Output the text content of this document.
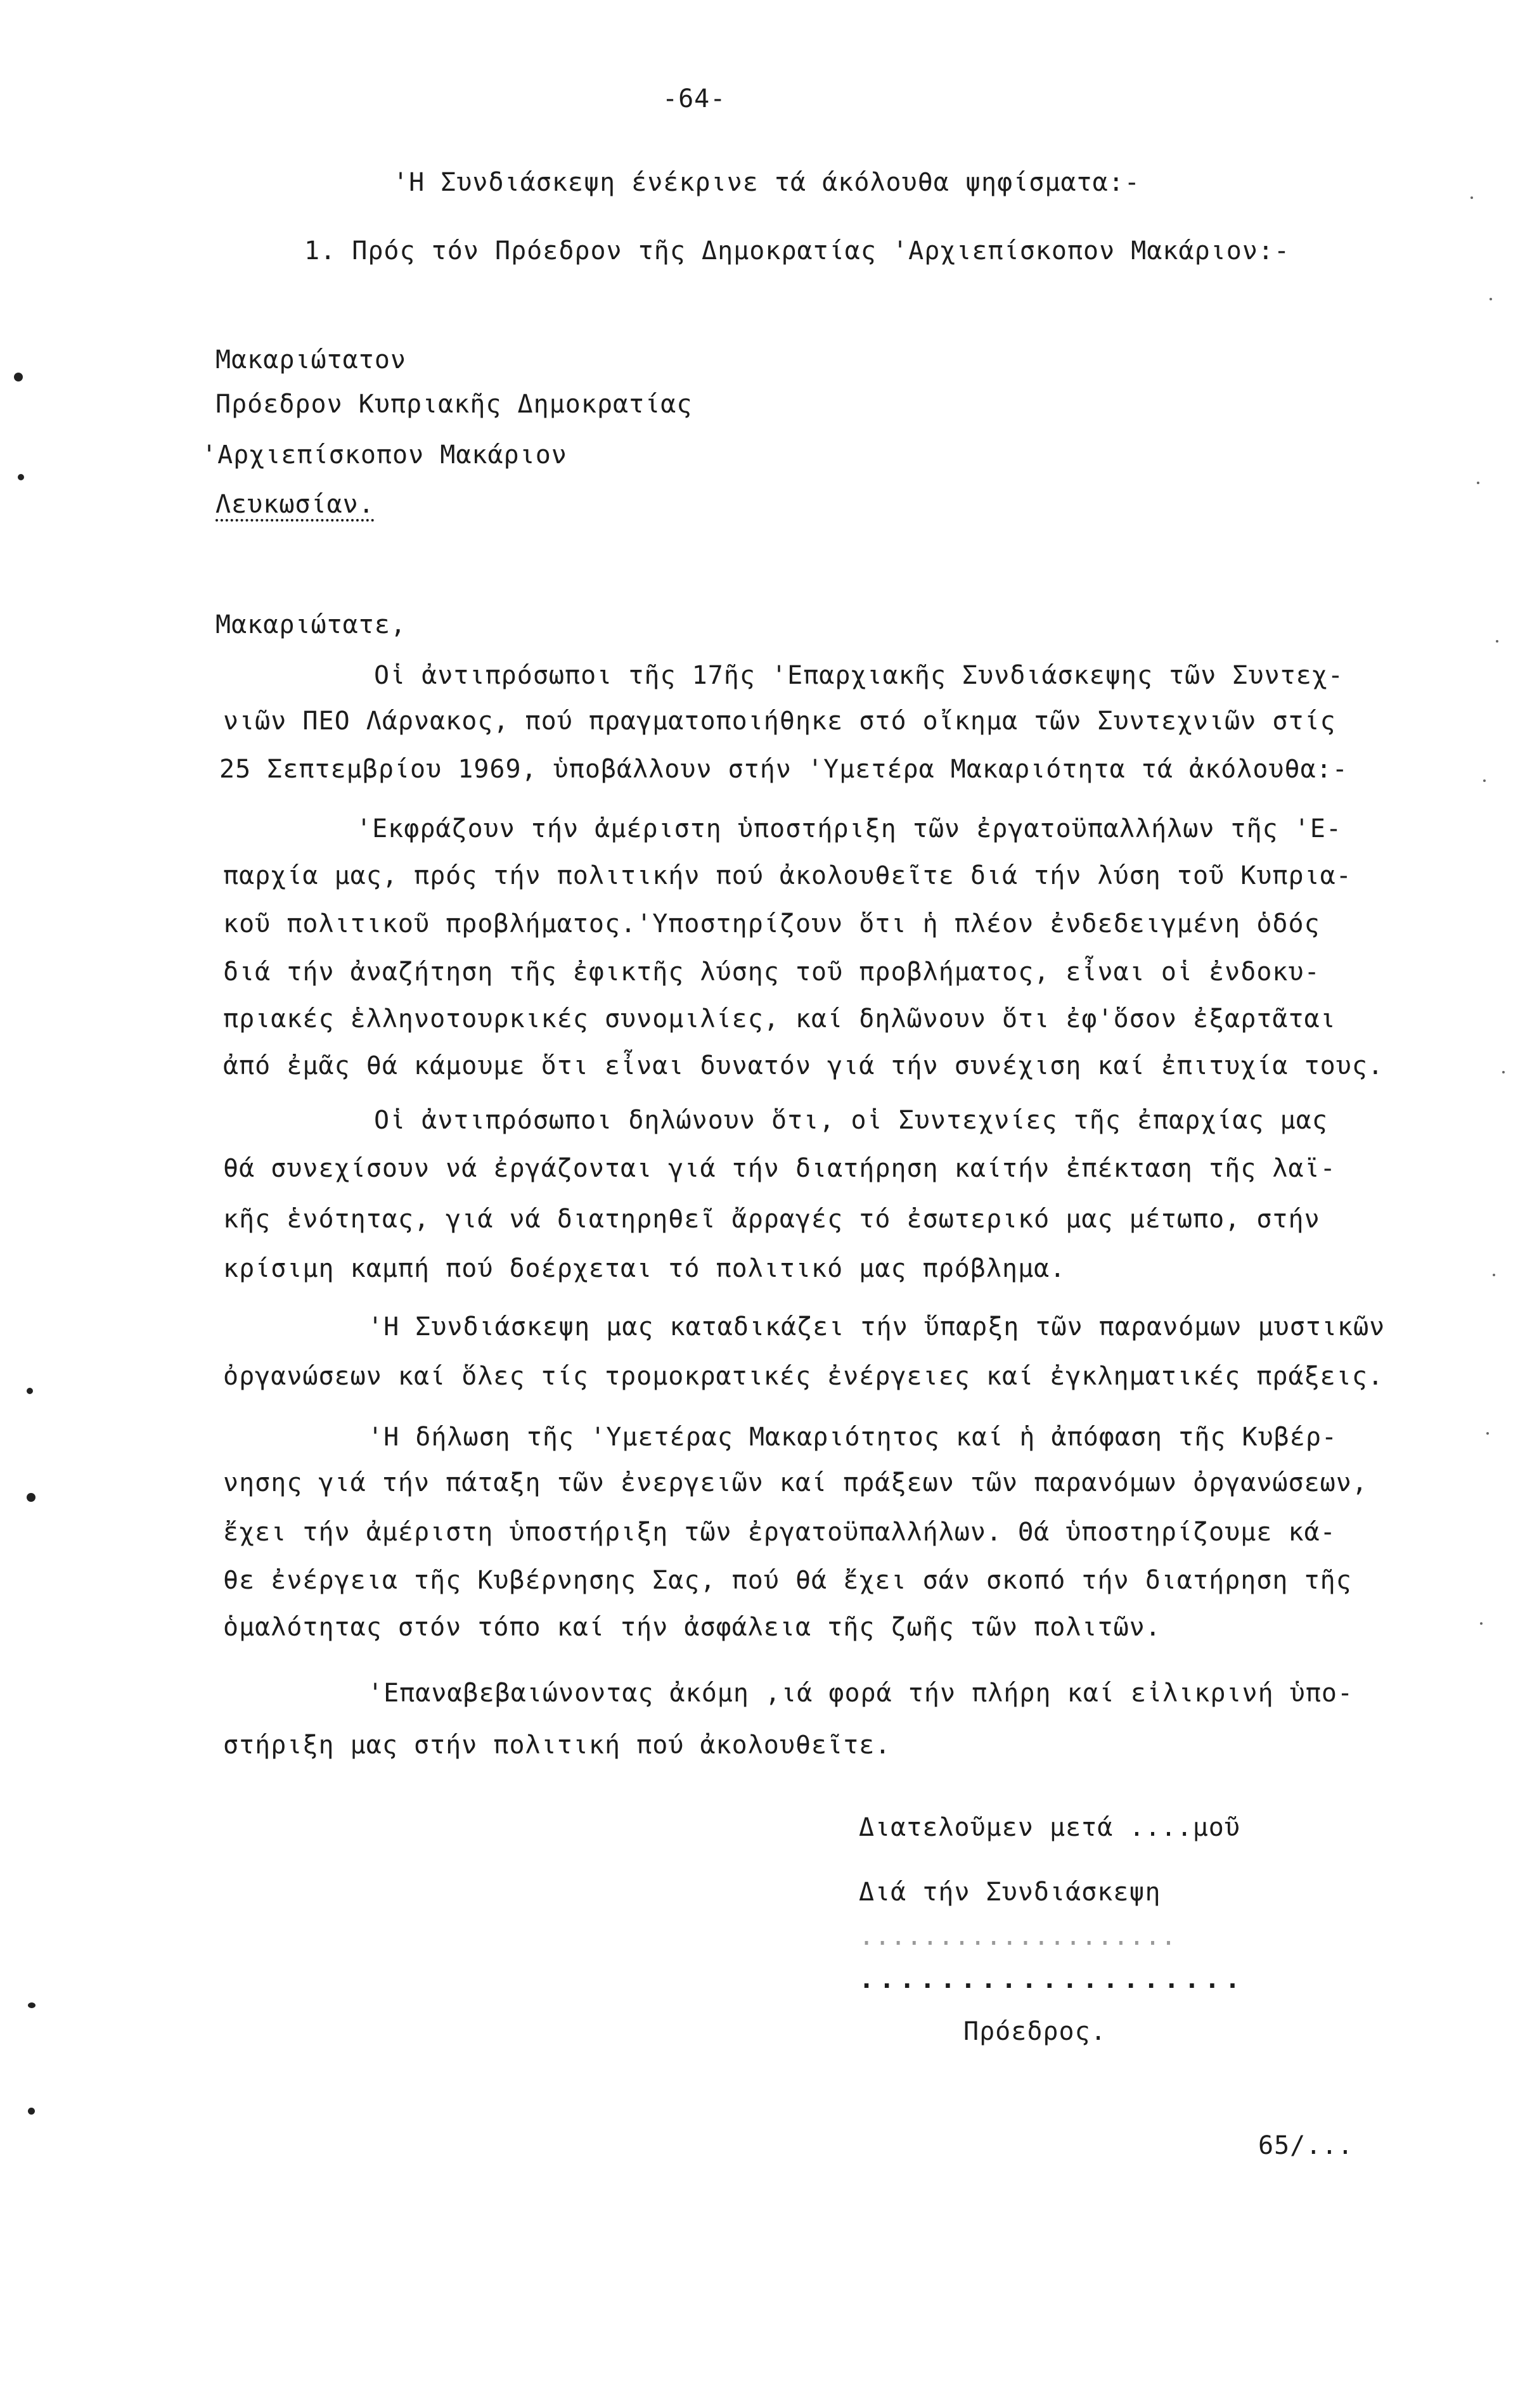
-64-
'Η Συνδιάσκεψη ένέκρινε τά άκόλουθα ψηφίσματα:-
1. Πρός τόν Πρόεδρον τῆς Δημοκρατίας 'Αρχιεπίσκοπον Μακάριον:-
Μακαριώτατον
Πρόεδρον Κυπριακῆς Δημοκρατίας
'Αρχιεπίσκοπον Μακάριον
Λευκωσίαν.
Μακαριώτατε,
Οἱ ἀντιπρόσωποι τῆς 17ῆς 'Επαρχιακῆς Συνδιάσκεψης τῶν Συντεχ-
νιῶν ΠΕΟ Λάρνακος, πού πραγματοποιήθηκε στό οἴκημα τῶν Συντεχνιῶν στίς
25 Σεπτεμβρίου 1969, ὑποβάλλουν στήν 'Υμετέρα Μακαριότητα τά ἀκόλουθα:-
'Εκφράζουν τήν ἀμέριστη ὑποστήριξη τῶν ἐργατοϋπαλλήλων τῆς 'Ε-
παρχία μας, πρός τήν πολιτικήν πού ἀκολουθεῖτε διά τήν λύση τοῦ Κυπρια-
κοῦ πολιτικοῦ προβλήματος.'Υποστηρίζουν ὅτι ἡ πλέον ἐνδεδειγμένη ὁδός
διά τήν ἀναζήτηση τῆς ἐφικτῆς λύσης τοῦ προβλήματος, εἶναι οἱ ἐνδοκυ-
πριακές ἑλληνοτουρκικές συνομιλίες, καί δηλῶνουν ὅτι ἐφ'ὅσον ἐξαρτᾶται
ἀπό ἐμᾶς θά κάμουμε ὅτι εἶναι δυνατόν γιά τήν συνέχιση καί ἐπιτυχία τους.
Οἱ ἀντιπρόσωποι δηλώνουν ὅτι, οἱ Συντεχνίες τῆς ἐπαρχίας μας
θά συνεχίσουν νά ἐργάζονται γιά τήν διατήρηση καίτήν ἐπέκταση τῆς λαϊ-
κῆς ἑνότητας, γιά νά διατηρηθεῖ ἄρραγές τό ἐσωτερικό μας μέτωπο, στήν
κρίσιμη καμπή πού δοέρχεται τό πολιτικό μας πρόβλημα.
'Η Συνδιάσκεψη μας καταδικάζει τήν ὕπαρξη τῶν παρανόμων μυστικῶν
ὀργανώσεων καί ὅλες τίς τρομοκρατικές ἐνέργειες καί ἐγκληματικές πράξεις.
'Η δήλωση τῆς 'Υμετέρας Μακαριότητος καί ἡ ἀπόφαση τῆς Κυβέρ-
νησης γιά τήν πάταξη τῶν ἐνεργειῶν καί πράξεων τῶν παρανόμων ὀργανώσεων,
ἔχει τήν ἀμέριστη ὑποστήριξη τῶν ἐργατοϋπαλλήλων. Θά ὑποστηρίζουμε κά-
θε ἐνέργεια τῆς Κυβέρνησης Σας, πού θά ἔχει σάν σκοπό τήν διατήρηση τῆς
ὁμαλότητας στόν τόπο καί τήν ἀσφάλεια τῆς ζωῆς τῶν πολιτῶν.
'Επαναβεβαιώνοντας ἀκόμη ,ιά φορά τήν πλήρη καί εἰλικρινή ὑπο-
στήριξη μας στήν πολιτική πού ἀκολουθεῖτε.
Διατελοῦμεν μετά ....μοῦ
Διά τήν Συνδιάσκεψη
....................
...................
Πρόεδρος.
65/...
